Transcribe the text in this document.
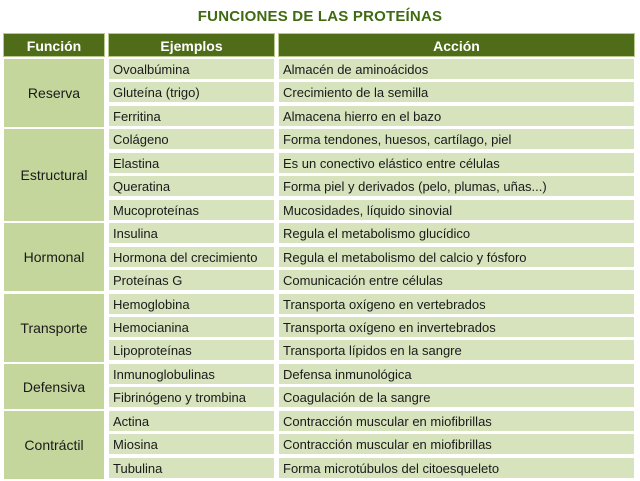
FUNCIONES DE LAS PROTEÍNAS
Función	Ejemplos	Acción
Reserva
Ovoalbúmina	Almacén de aminoácidos
Gluteína (trigo)	Crecimiento de la semilla
Ferritina	Almacena hierro en el bazo
Estructural
Colágeno	Forma tendones, huesos, cartílago, piel
Elastina	Es un conectivo elástico entre células
Queratina	Forma piel y derivados (pelo, plumas, uñas...)
Mucoproteínas	Mucosidades, líquido sinovial
Hormonal
Insulina	Regula el metabolismo glucídico
Hormona del crecimiento	Regula el metabolismo del calcio y fósforo
Proteínas G	Comunicación entre células
Transporte
Hemoglobina	Transporta oxígeno en vertebrados
Hemocianina	Transporta oxígeno en invertebrados
Lipoproteínas	Transporta lípidos en la sangre
Defensiva
Inmunoglobulinas	Defensa inmunológica
Fibrinógeno y trombina	Coagulación de la sangre
Contráctil
Actina	Contracción muscular en miofibrillas
Miosina	Contracción muscular en miofibrillas
Tubulina	Forma microtúbulos del citoesqueleto
